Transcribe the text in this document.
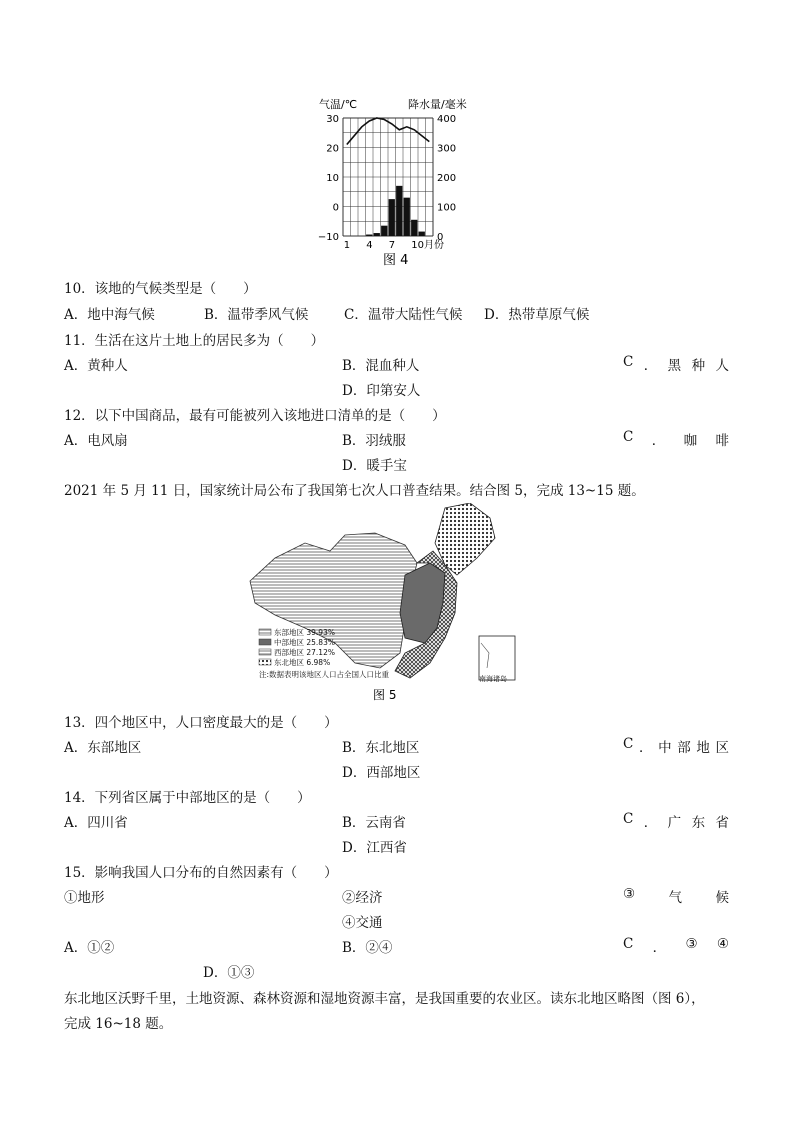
气温/℃	降水量/毫米
30
20
10
0
−10
400
300
200
100
0
1 4 7 10月份
图 4
10．该地的气候类型是（　　）
A．地中海气候	B．温带季风气候	C．温带大陆性气候 D．热带草原气候
11．生活在这片土地上的居民多为（　　）
A．黄种人	B．混血种人	C ． 黑 种 人
D．印第安人
12．以下中国商品，最有可能被列入该地进口清单的是（　　）
A．电风扇	B．羽绒服	C ． 咖 啡
D．暖手宝
2021 年 5 月 11 日，国家统计局公布了我国第七次人口普查结果。结合图 5，完成 13~15 题。
东部地区 39.93%
中部地区 25.83%
西部地区 27.12%
东北地区 6.98%
注:数据表明该地区人口占全国人口比重	南海诸岛
图 5
13．四个地区中，人口密度最大的是（　　）
A．东部地区	B．东北地区	C ． 中 部 地 区
D．西部地区
14．下列省区属于中部地区的是（　　）
A．四川省	B．云南省	C ． 广 东 省
D．江西省
15．影响我国人口分布的自然因素有（　　）
①地形	②经济	③ 气 候
④交通
A．①②	B．②④	C ． ③ ④
D．①③
东北地区沃野千里，土地资源、森林资源和湿地资源丰富，是我国重要的农业区。读东北地区略图（图 6），
完成 16~18 题。
